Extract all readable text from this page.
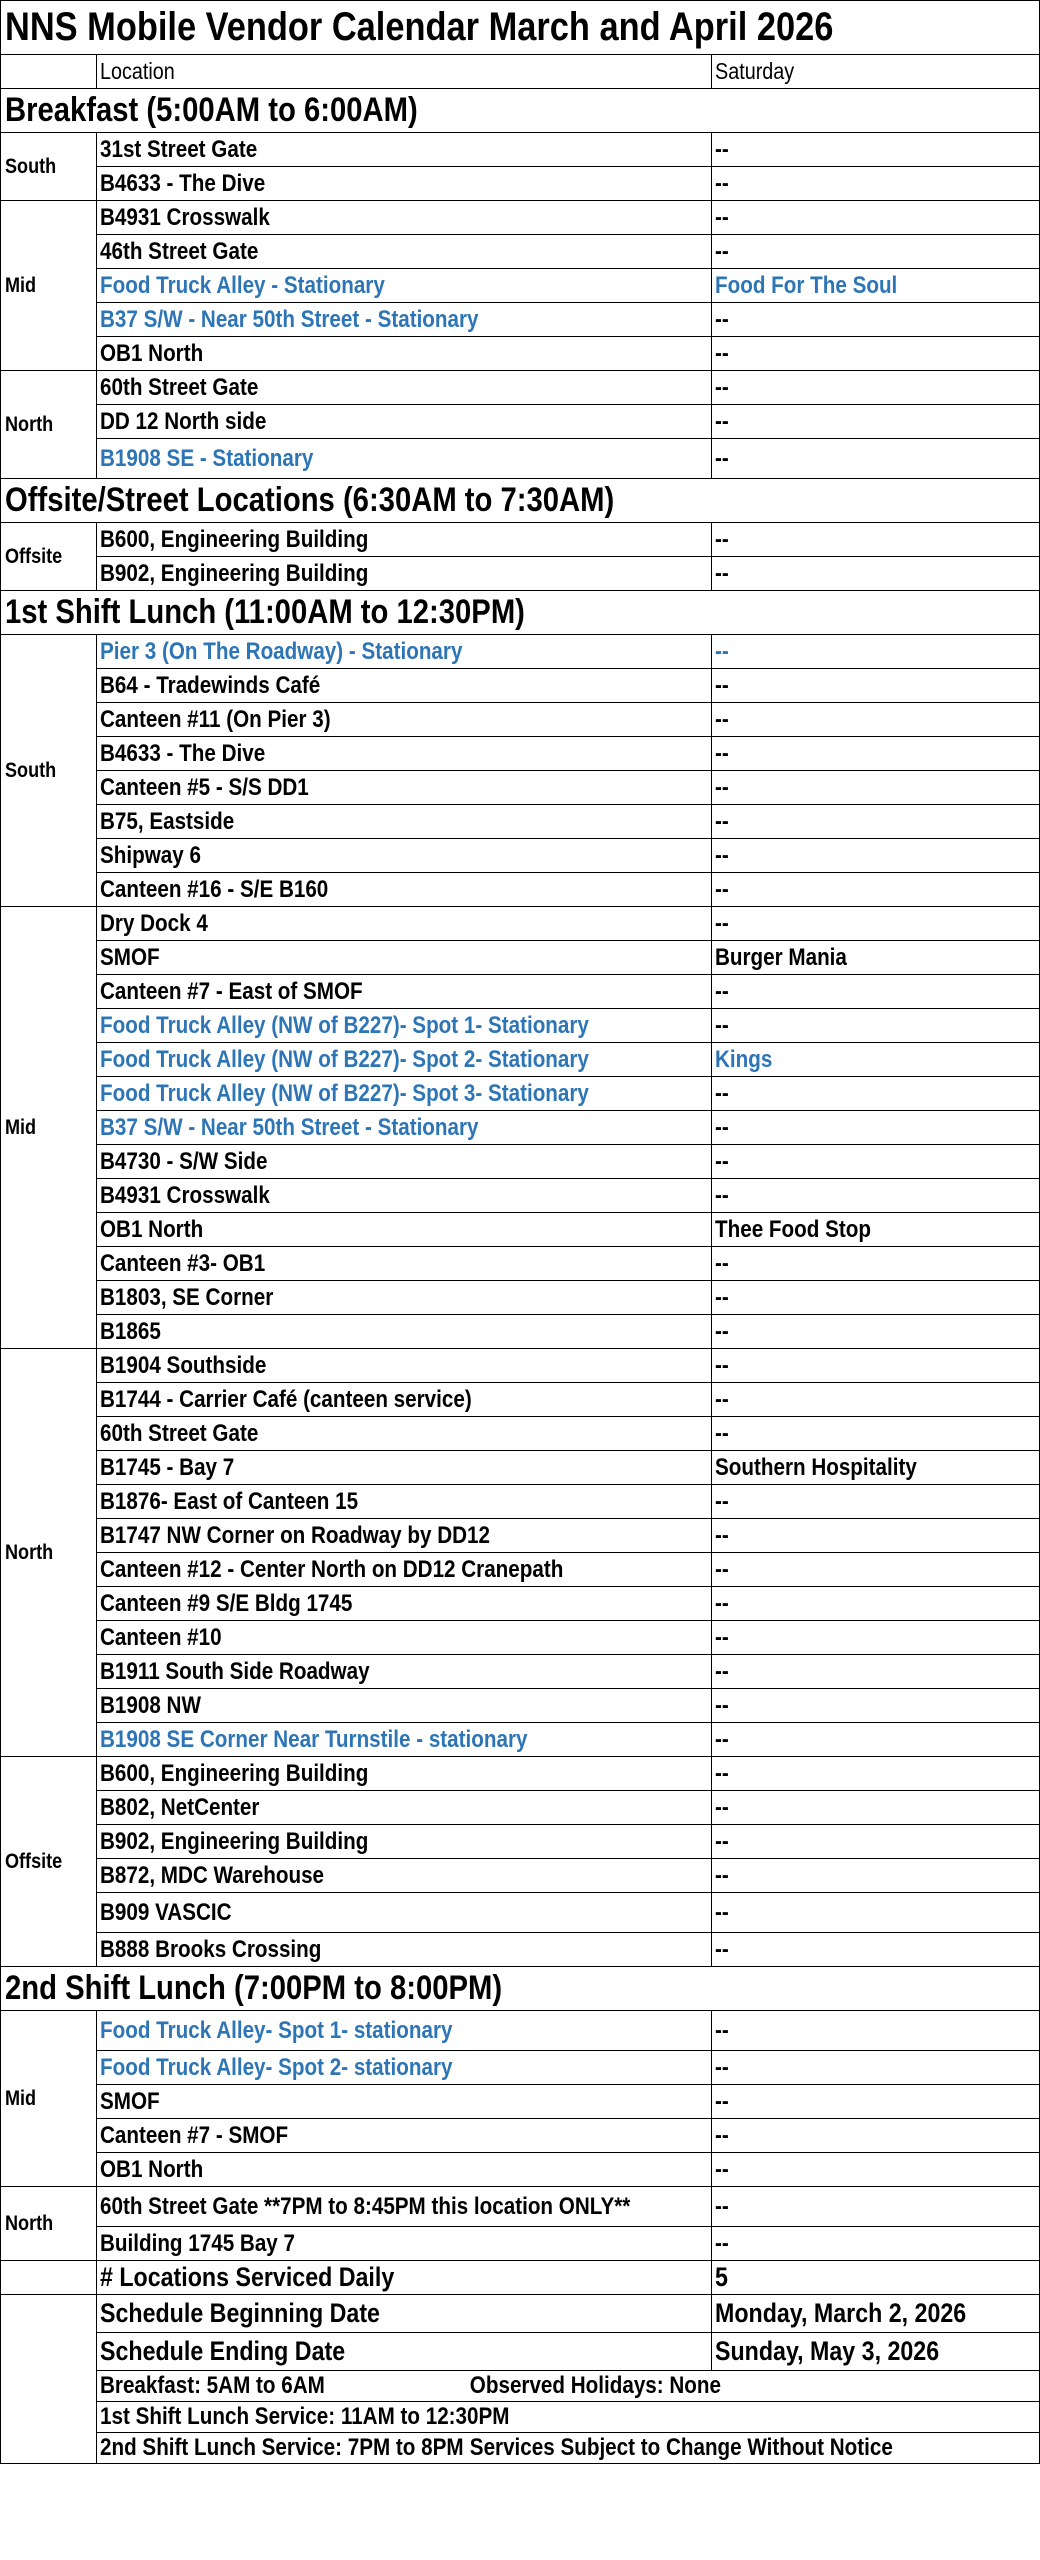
NNS Mobile Vendor Calendar March and April 2026		
	Location	Saturday
Breakfast (5:00AM to 6:00AM)		
South	31st Street Gate	--
	B4633 - The Dive	--
Mid	B4931 Crosswalk	--
	46th Street Gate	--
	Food Truck Alley - Stationary	Food For The Soul
	B37 S/W - Near 50th Street - Stationary	--
	OB1 North	--
North	60th Street Gate	--
	DD 12 North side	--
	B1908 SE - Stationary	--
Offsite/Street Locations (6:30AM to 7:30AM)		
Offsite	B600, Engineering Building	--
	B902, Engineering Building	--
1st Shift Lunch (11:00AM to 12:30PM)		
South	Pier 3 (On The Roadway) - Stationary	--
	B64 - Tradewinds Café	--
	Canteen #11 (On Pier 3)	--
	B4633 - The Dive	--
	Canteen #5 - S/S DD1	--
	B75, Eastside	--
	Shipway 6	--
	Canteen #16 - S/E B160	--
Mid	Dry Dock 4	--
	SMOF	Burger Mania
	Canteen #7 - East of SMOF	--
	Food Truck Alley (NW of B227)- Spot 1- Stationary	--
	Food Truck Alley (NW of B227)- Spot 2- Stationary	Kings
	Food Truck Alley (NW of B227)- Spot 3- Stationary	--
	B37 S/W - Near 50th Street - Stationary	--
	B4730 - S/W Side	--
	B4931 Crosswalk	--
	OB1 North	Thee Food Stop
	Canteen #3- OB1	--
	B1803, SE Corner	--
	B1865	--
North	B1904 Southside	--
	B1744 - Carrier Café (canteen service)	--
	60th Street Gate	--
	B1745 - Bay 7	Southern Hospitality
	B1876- East of Canteen 15	--
	B1747 NW Corner on Roadway by DD12	--
	Canteen #12 - Center North on DD12 Cranepath	--
	Canteen #9 S/E Bldg 1745	--
	Canteen #10	--
	B1911 South Side Roadway	--
	B1908 NW	--
	B1908 SE Corner Near Turnstile - stationary	--
Offsite	B600, Engineering Building	--
	B802, NetCenter	--
	B902, Engineering Building	--
	B872, MDC Warehouse	--
	B909 VASCIC	--
	B888 Brooks Crossing	--
2nd Shift Lunch (7:00PM to 8:00PM)		
Mid	Food Truck Alley- Spot 1- stationary	--
	Food Truck Alley- Spot 2- stationary	--
	SMOF	--
	Canteen #7 - SMOF	--
	OB1 North	--
North	60th Street Gate **7PM to 8:45PM this location ONLY**	--
	Building 1745 Bay 7	--
	# Locations Serviced Daily	5
	Schedule Beginning Date	Monday, March 2, 2026
	Schedule Ending Date	Sunday, May 3, 2026
	Breakfast: 5AM to 6AM Observed Holidays: None	
	1st Shift Lunch Service: 11AM to 12:30PM	
	2nd Shift Lunch Service: 7PM to 8PM Services Subject to Change Without Notice	
